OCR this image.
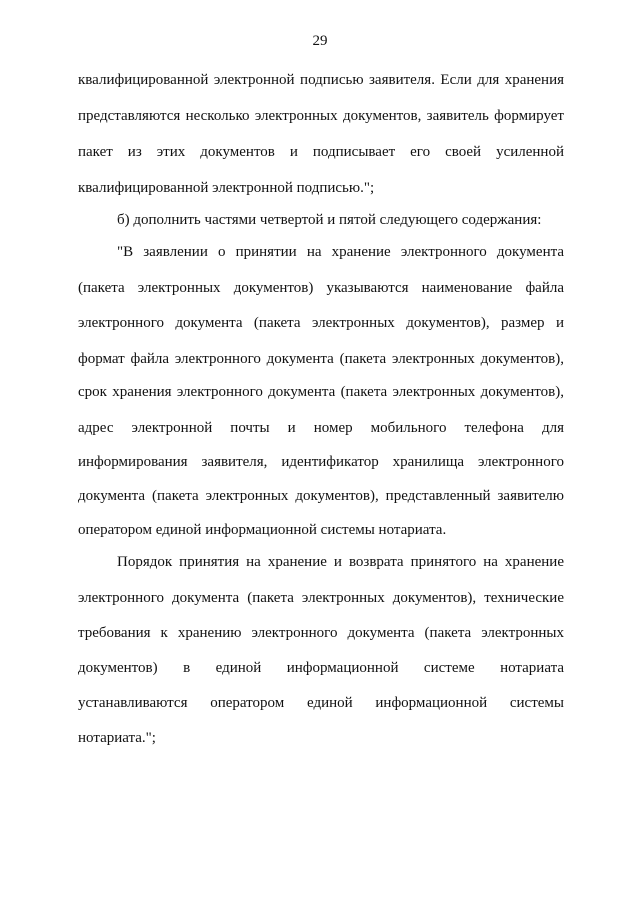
29
квалифицированной электронной подписью заявителя. Если для хранения
представляются несколько электронных документов, заявитель формирует
пакет из этих документов и подписывает его своей усиленной
квалифицированной электронной подписью.";
б) дополнить частями четвертой и пятой следующего содержания:
"В заявлении о принятии на хранение электронного документа
(пакета электронных документов) указываются наименование файла
электронного документа (пакета электронных документов), размер и
формат файла электронного документа (пакета электронных документов),
срок хранения электронного документа (пакета электронных документов),
адрес электронной почты и номер мобильного телефона для
информирования заявителя, идентификатор хранилища электронного
документа (пакета электронных документов), представленный заявителю
оператором единой информационной системы нотариата.
Порядок принятия на хранение и возврата принятого на хранение
электронного документа (пакета электронных документов), технические
требования к хранению электронного документа (пакета электронных
документов) в единой информационной системе нотариата
устанавливаются оператором единой информационной системы
нотариата.";
